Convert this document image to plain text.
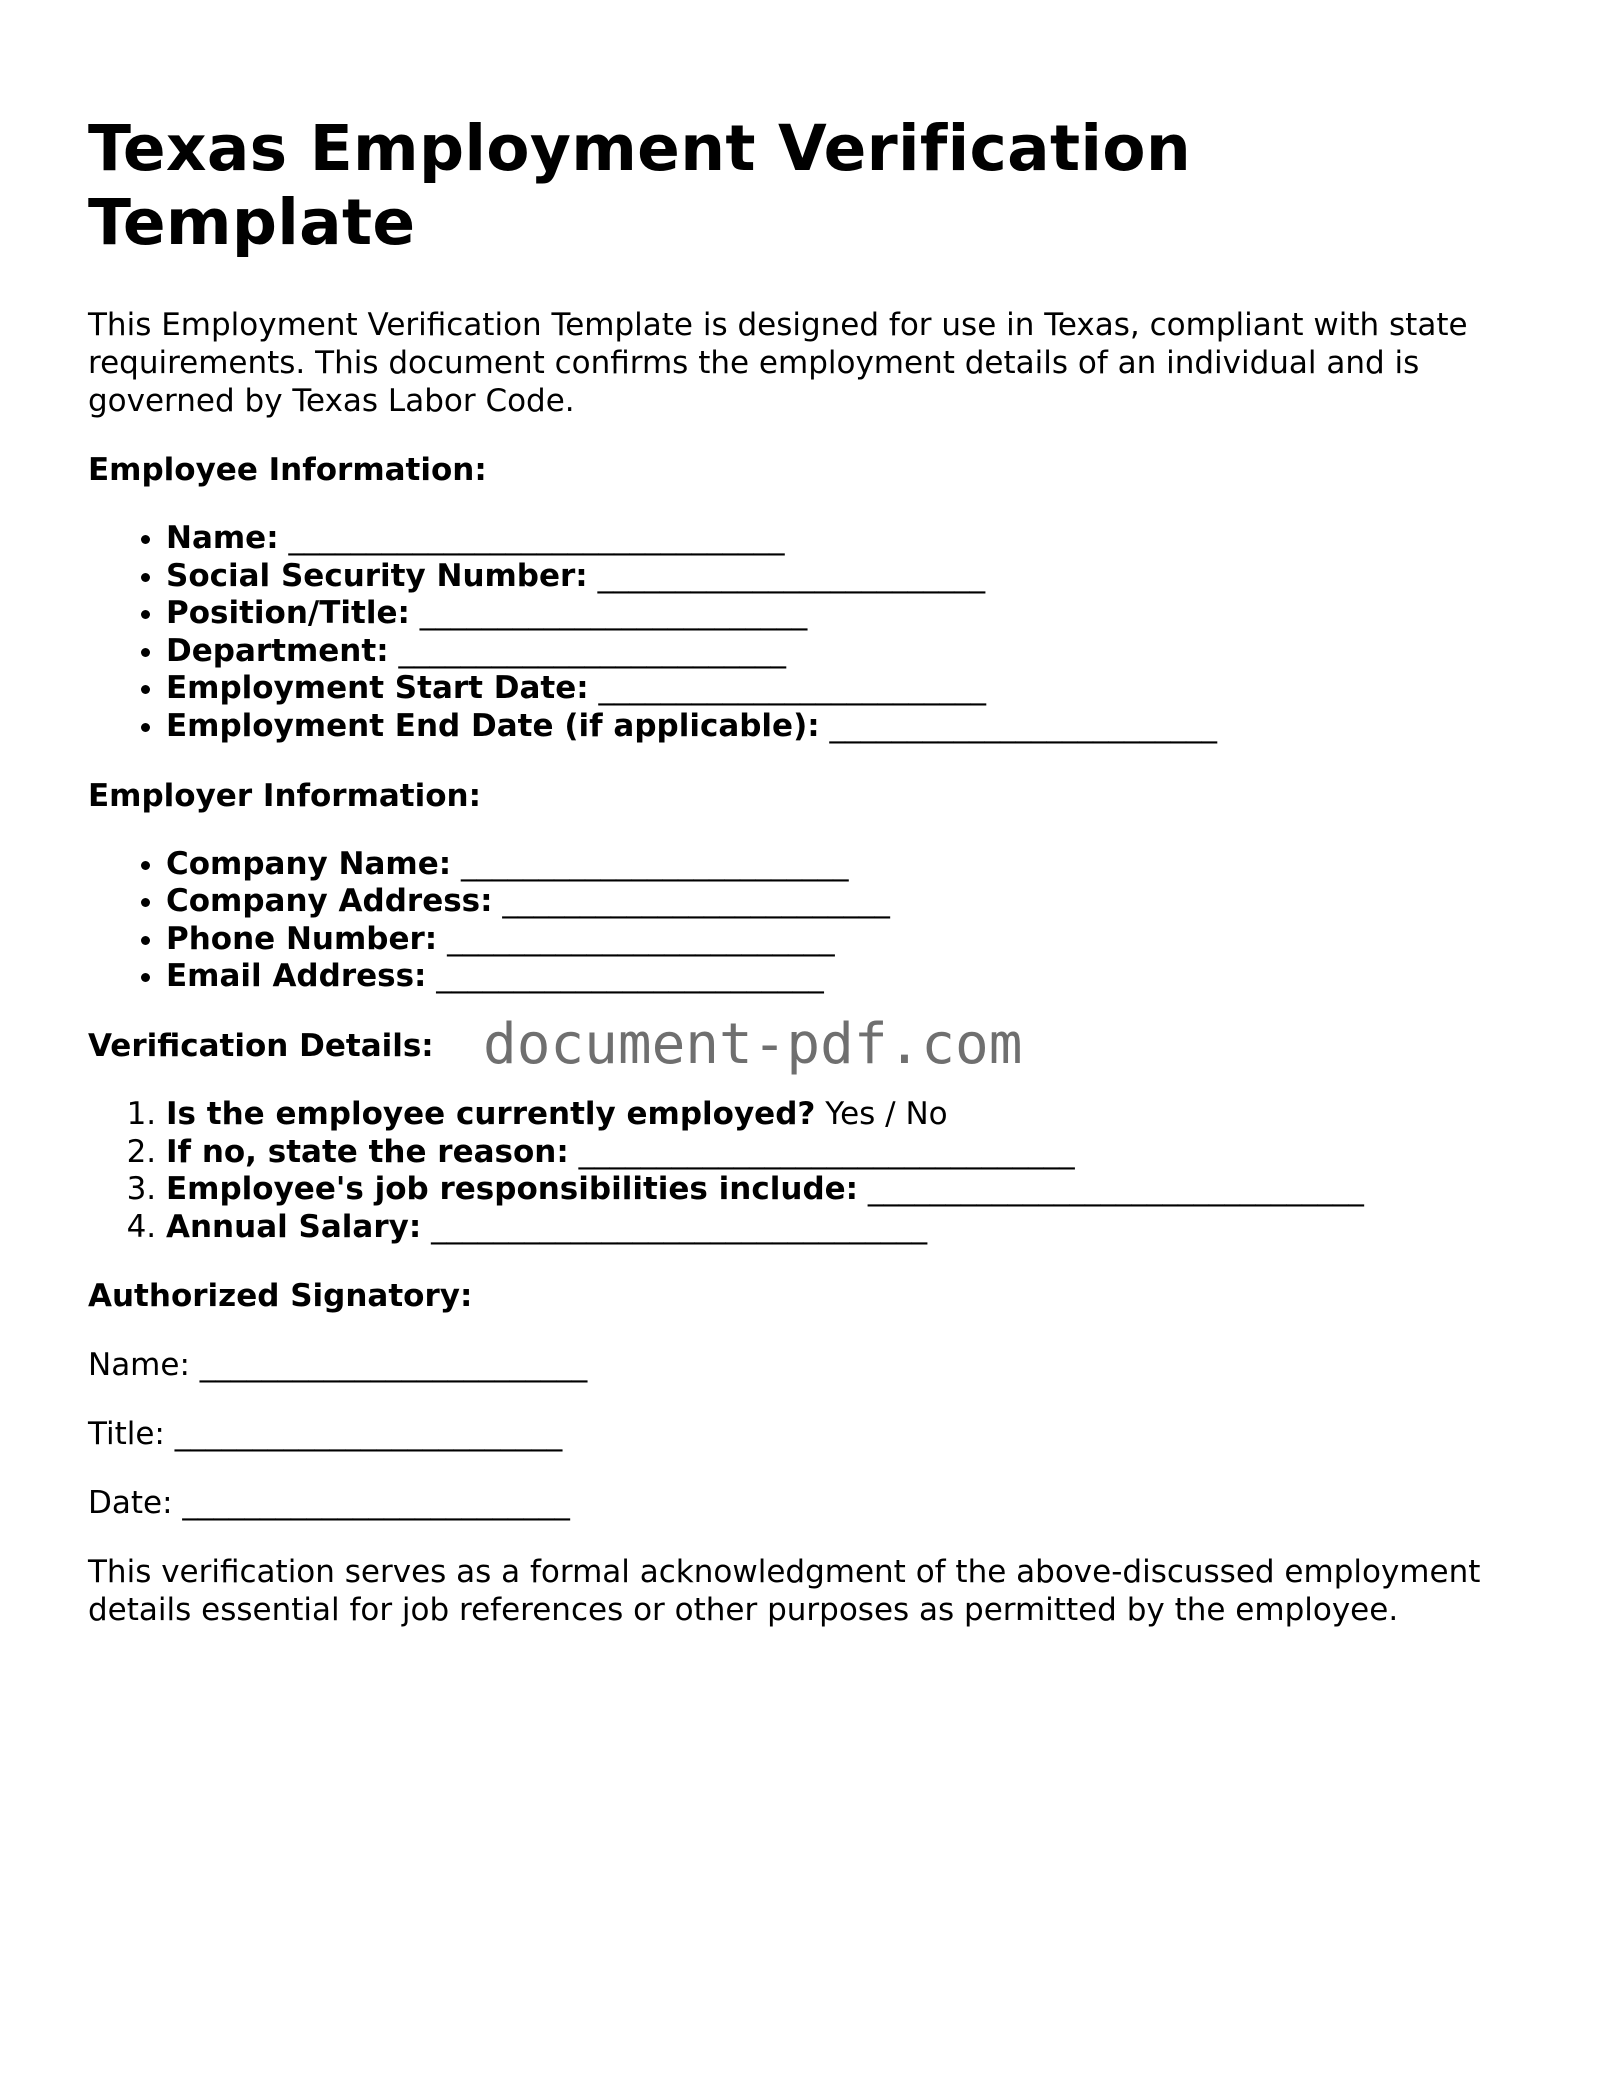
Texas Employment Verification Template

This Employment Verification Template is designed for use in Texas, compliant with state requirements. This document confirms the employment details of an individual and is governed by Texas Labor Code.

Employee Information:
• Name: ________________________________
• Social Security Number: _________________________
• Position/Title: _________________________
• Department: _________________________
• Employment Start Date: _________________________
• Employment End Date (if applicable): _________________________
Employer Information:
• Company Name: _________________________
• Company Address: _________________________
• Phone Number: _________________________
• Email Address: _________________________
Verification Details: document-pdf.com
1. Is the employee currently employed? Yes / No
2. If no, state the reason: ________________________________
3. Employee's job responsibilities include: ________________________________
4. Annual Salary: ________________________________
Authorized Signatory:

Name: _________________________

Title: _________________________

Date: _________________________

This verification serves as a formal acknowledgment of the above-discussed employment details essential for job references or other purposes as permitted by the employee.
